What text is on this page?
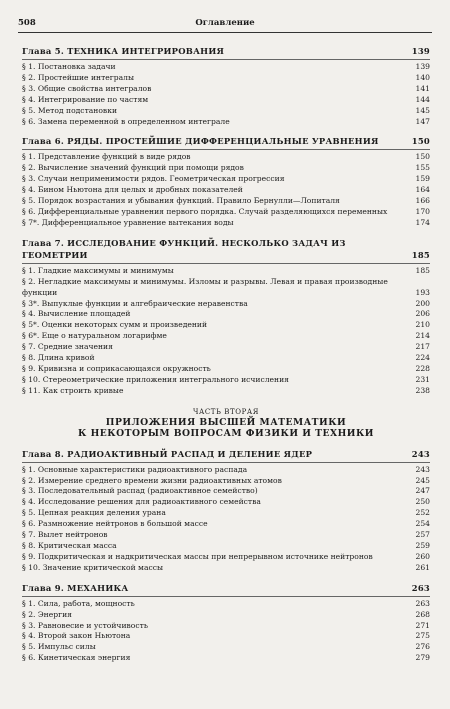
508	Оглавление
Глава 5. ТЕХНИКА ИНТЕГРИРОВАНИЯ	139
§ 1. Постановка задачи	139
§ 2. Простейшие интегралы	140
§ 3. Общие свойства интегралов	141
§ 4. Интегрирование по частям	144
§ 5. Метод подстановки	145
§ 6. Замена переменной в определенном интеграле	147
Глава 6. РЯДЫ. ПРОСТЕЙШИЕ ДИФФЕРЕНЦИАЛЬНЫЕ УРАВНЕНИЯ	150
§ 1. Представление функций в виде рядов	150
§ 2. Вычисление значений функций при помощи рядов	155
§ 3. Случаи неприменимости рядов. Геометрическая прогрессия	159
§ 4. Бином Ньютона для целых и дробных показателей	164
§ 5. Порядок возрастания и убывания функций. Правило Бернулли—Лопиталя	166
§ 6. Дифференциальные уравнения первого порядка. Случай разделяющихся переменных	170
§ 7*. Дифференциальное уравнение вытекания воды	174
Глава 7. ИССЛЕДОВАНИЕ ФУНКЦИЙ. НЕСКОЛЬКО ЗАДАЧ ИЗ ГЕОМЕТРИИ	185
§ 1. Гладкие максимумы и минимумы	185
§ 2. Негладкие максимумы и минимумы. Изломы и разрывы. Левая и правая производные функции	193
§ 3*. Выпуклые функции и алгебраические неравенства	200
§ 4. Вычисление площадей	206
§ 5*. Оценки некоторых сумм и произведений	210
§ 6*. Еще о натуральном логарифме	214
§ 7. Средние значения	217
§ 8. Длина кривой	224
§ 9. Кривизна и соприкасающаяся окружность	228
§ 10. Стереометрические приложения интегрального исчисления	231
§ 11. Как строить кривые	238
ЧАСТЬ ВТОРАЯ
ПРИЛОЖЕНИЯ ВЫСШЕЙ МАТЕМАТИКИ
К НЕКОТОРЫМ ВОПРОСАМ ФИЗИКИ И ТЕХНИКИ
Глава 8. РАДИОАКТИВНЫЙ РАСПАД И ДЕЛЕНИЕ ЯДЕР	243
§ 1. Основные характеристики радиоактивного распада	243
§ 2. Измерение среднего времени жизни радиоактивных атомов	245
§ 3. Последовательный распад (радиоактивное семейство)	247
§ 4. Исследование решения для радиоактивного семейства	250
§ 5. Цепная реакция деления урана	252
§ 6. Размножение нейтронов в большой массе	254
§ 7. Вылет нейтронов	257
§ 8. Критическая масса	259
§ 9. Подкритическая и надкритическая массы при непрерывном источнике нейтронов	260
§ 10. Значение критической массы	261
Глава 9. МЕХАНИКА	263
§ 1. Сила, работа, мощность	263
§ 2. Энергия	268
§ 3. Равновесие и устойчивость	271
§ 4. Второй закон Ньютона	275
§ 5. Импульс силы	276
§ 6. Кинетическая энергия	279
